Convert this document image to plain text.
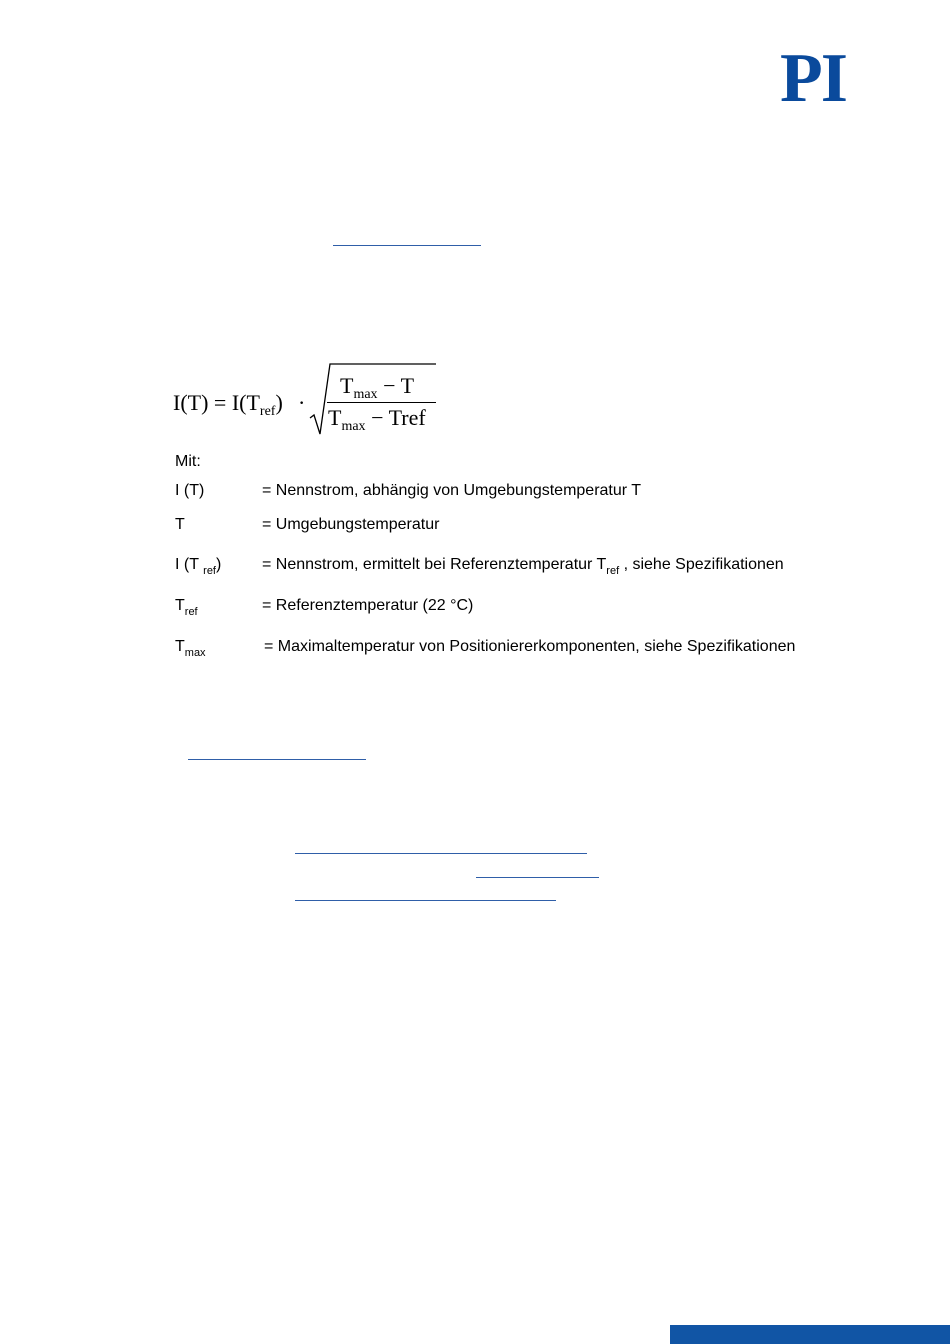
PI
$I(T) = I(T_{ref})$ ·
$T_{max} - T$
$T_{max}$ − Tref
Mit:
I (T)	= Nennstrom, abhängig von Umgebungstemperatur T
T	= Umgebungstemperatur
I (T $_{ref}$)	= Nennstrom, ermittelt bei Referenztemperatur $T_{ref}$ , siehe Spezifikationen
$T_{ref}$	= Referenztemperatur (22 °C)
$T_{max}$	= Maximaltemperatur von Positioniererkomponenten, siehe Spezifikationen
